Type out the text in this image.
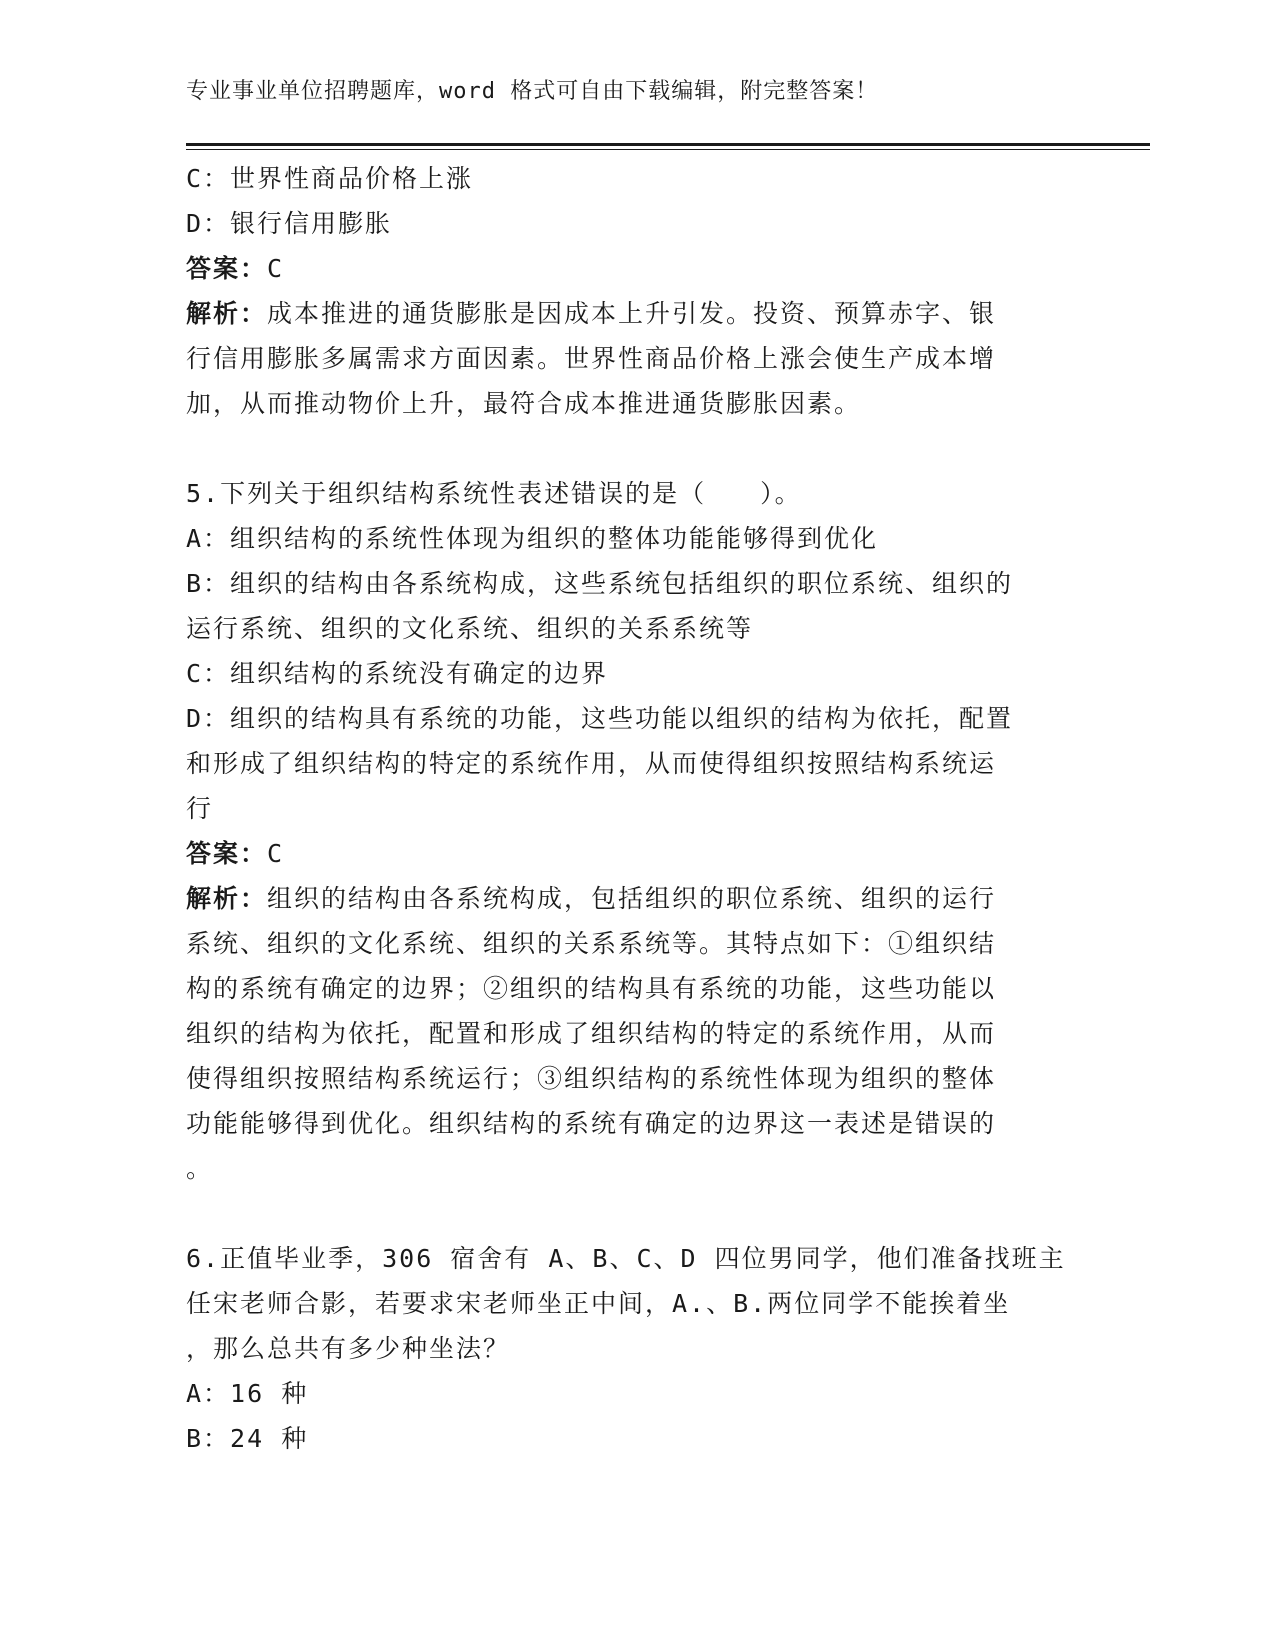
专业事业单位招聘题库，word 格式可自由下载编辑，附完整答案！
C：世界性商品价格上涨
D：银行信用膨胀
答案：C
解析：成本推进的通货膨胀是因成本上升引发。投资、预算赤字、银
行信用膨胀多属需求方面因素。世界性商品价格上涨会使生产成本增
加，从而推动物价上升，最符合成本推进通货膨胀因素。
5.下列关于组织结构系统性表述错误的是（　　）。
A：组织结构的系统性体现为组织的整体功能能够得到优化
B：组织的结构由各系统构成，这些系统包括组织的职位系统、组织的
运行系统、组织的文化系统、组织的关系系统等
C：组织结构的系统没有确定的边界
D：组织的结构具有系统的功能，这些功能以组织的结构为依托，配置
和形成了组织结构的特定的系统作用，从而使得组织按照结构系统运
行
答案：C
解析：组织的结构由各系统构成，包括组织的职位系统、组织的运行
系统、组织的文化系统、组织的关系系统等。其特点如下：①组织结
构的系统有确定的边界；②组织的结构具有系统的功能，这些功能以
组织的结构为依托，配置和形成了组织结构的特定的系统作用，从而
使得组织按照结构系统运行；③组织结构的系统性体现为组织的整体
功能能够得到优化。组织结构的系统有确定的边界这一表述是错误的
。
6.正值毕业季，306 宿舍有 A、B、C、D 四位男同学，他们准备找班主
任宋老师合影，若要求宋老师坐正中间，A.、B.两位同学不能挨着坐
，那么总共有多少种坐法？
A：16 种
B：24 种
